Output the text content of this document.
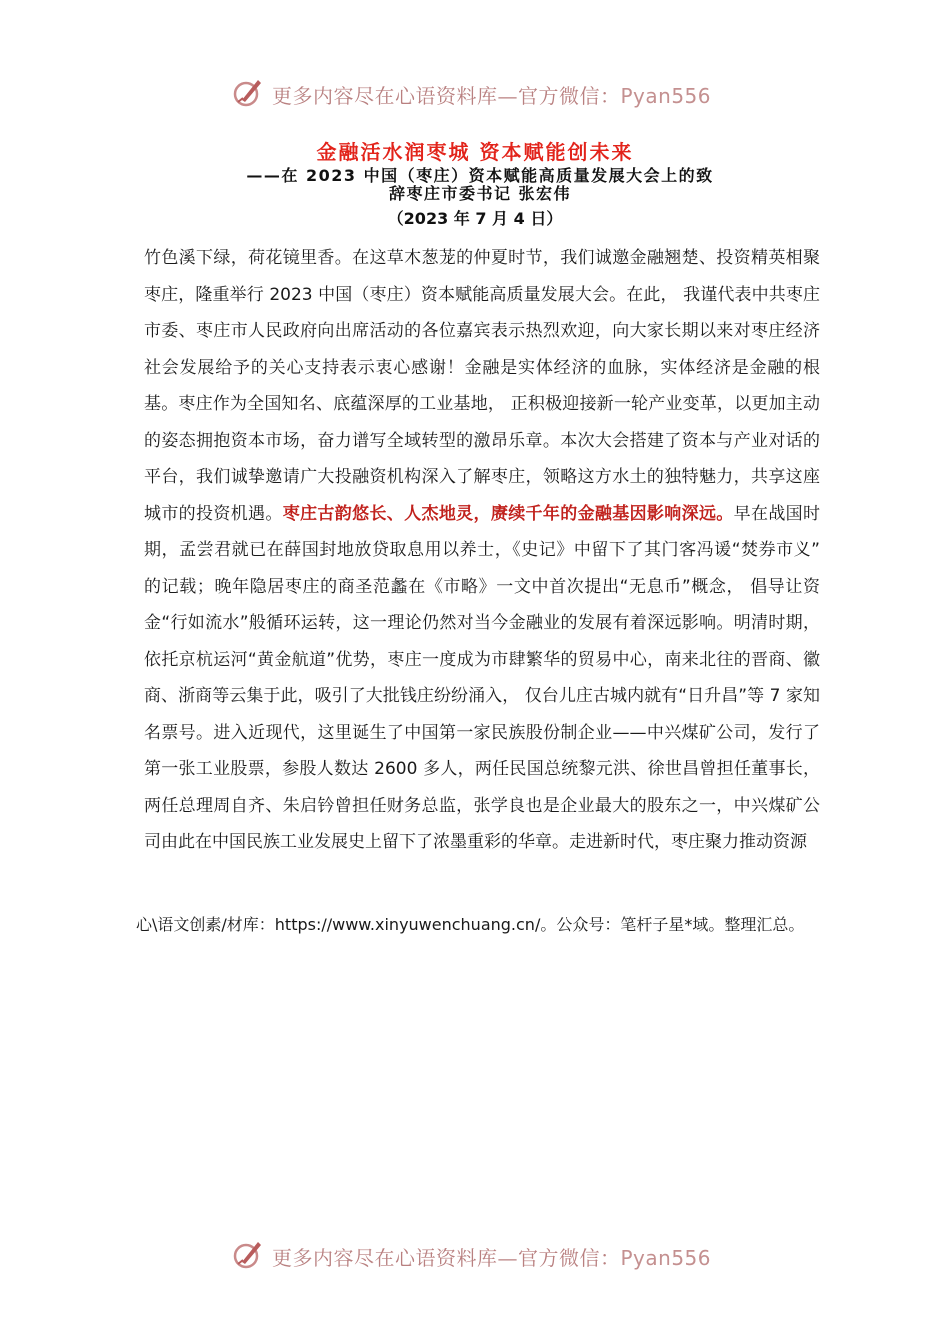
更多内容尽在心语资料库—官方微信：Pyan556
金融活水润枣城 资本赋能创未来
——在 2023 中国（枣庄）资本赋能高质量发展大会上的致
辞枣庄市委书记 张宏伟
（2023 年 7 月 4 日）
竹色溪下绿，荷花镜里香。在这草木葱茏的仲夏时节，我们诚邀金融翘楚、投资精英相聚枣庄，隆重举行 2023 中国（枣庄）资本赋能高质量发展大会。在此， 我谨代表中共枣庄市委、枣庄市人民政府向出席活动的各位嘉宾表示热烈欢迎，向大家长期以来对枣庄经济社会发展给予的关心支持表示衷心感谢！金融是实体经济的血脉，实体经济是金融的根基。枣庄作为全国知名、底蕴深厚的工业基地， 正积极迎接新一轮产业变革，以更加主动的姿态拥抱资本市场，奋力谱写全域转型的激昂乐章。本次大会搭建了资本与产业对话的平台，我们诚挚邀请广大投融资机构深入了解枣庄，领略这方水土的独特魅力，共享这座城市的投资机遇。枣庄古韵悠长、人杰地灵，赓续千年的金融基因影响深远。早在战国时期，孟尝君就已在薛国封地放贷取息用以养士，《史记》中留下了其门客冯谖“焚券市义” 的记载；晚年隐居枣庄的商圣范蠡在《市略》一文中首次提出“无息币”概念， 倡导让资金“行如流水”般循环运转，这一理论仍然对当今金融业的发展有着深远影响。明清时期，依托京杭运河“黄金航道”优势，枣庄一度成为市肆繁华的贸易中心，南来北往的晋商、徽商、浙商等云集于此，吸引了大批钱庄纷纷涌入， 仅台儿庄古城内就有“日升昌”等 7 家知名票号。进入近现代，这里诞生了中国第一家民族股份制企业——中兴煤矿公司，发行了第一张工业股票，参股人数达 2600 多人，两任民国总统黎元洪、徐世昌曾担任董事长，两任总理周自齐、朱启钤曾担任财务总监，张学良也是企业最大的股东之一，中兴煤矿公司由此在中国民族工业发展史上留下了浓墨重彩的华章。走进新时代，枣庄聚力推动资源
心\语文创素/材库：https://www.xinyuwenchuang.cn/。公众号：笔杆子星*域。整理汇总。
更多内容尽在心语资料库—官方微信：Pyan556
